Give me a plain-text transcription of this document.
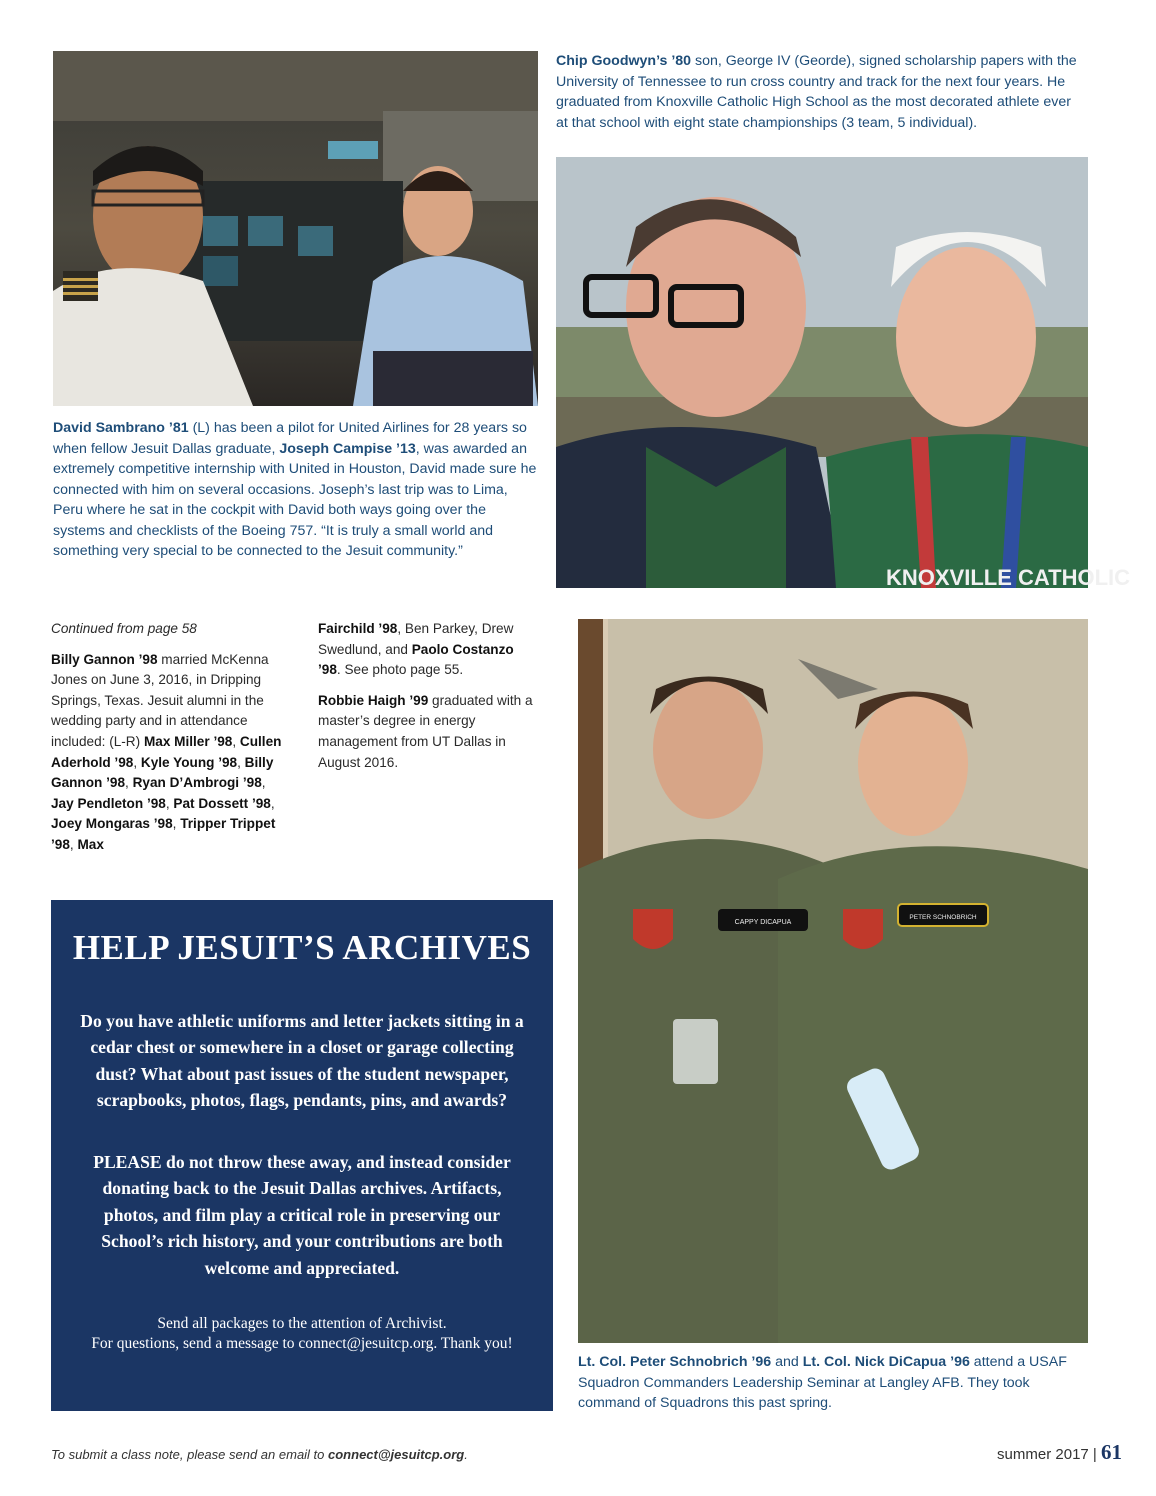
KNOXVILLE CATHOLIC
CAPPY DICAPUA
PETER SCHNOBRICH
Chip Goodwyn’s ’80 son, George IV (Georde), signed scholarship papers with the University of Tennessee to run cross country and track for the next four years. He graduated from Knoxville Catholic High School as the most decorated athlete ever at that school with eight state championships (3 team, 5 individual).
David Sambrano ’81 (L) has been a pilot for United Airlines for 28 years so when fellow Jesuit Dallas graduate, Joseph Campise ’13, was awarded an extremely competitive internship with United in Houston, David made sure he connected with him on several occasions. Joseph’s last trip was to Lima, Peru where he sat in the cockpit with David both ways going over the systems and checklists of the Boeing 757. “It is truly a small world and something very special to be connected to the Jesuit community.”

Continued from page 58

Billy Gannon ’98 married McKenna Jones on June 3, 2016, in Dripping Springs, Texas. Jesuit alumni in the wedding party and in attendance included: (L-R) Max Miller ’98, Cullen Aderhold ’98, Kyle Young ’98, Billy Gannon ’98, Ryan D’Ambrogi ’98, Jay Pendleton ’98, Pat Dossett ’98, Joey Mongaras ’98, Tripper Trippet ’98, Max

Fairchild ’98, Ben Parkey, Drew Swedlund, and Paolo Costanzo ’98. See photo page 55.

Robbie Haigh ’99 graduated with a master’s degree in energy management from UT Dallas in August 2016.

HELP JESUIT’S ARCHIVES
Do you have athletic uniforms and letter jackets sitting in a cedar chest or somewhere in a closet or garage collecting dust? What about past issues of the student newspaper, scrapbooks, photos, flags, pendants, pins, and awards?
PLEASE do not throw these away, and instead consider donating back to the Jesuit Dallas archives. Artifacts, photos, and film play a critical role in preserving our School’s rich history, and your contributions are both welcome and appreciated.
Send all packages to the attention of Archivist.
For questions, send a message to connect@jesuitcp.org. Thank you!
Lt. Col. Peter Schnobrich ’96 and Lt. Col. Nick DiCapua ’96 attend a USAF Squadron Commanders Leadership Seminar at Langley AFB. They took command of Squadrons this past spring.
To submit a class note, please send an email to connect@jesuitcp.org.	summer 2017 | 61
